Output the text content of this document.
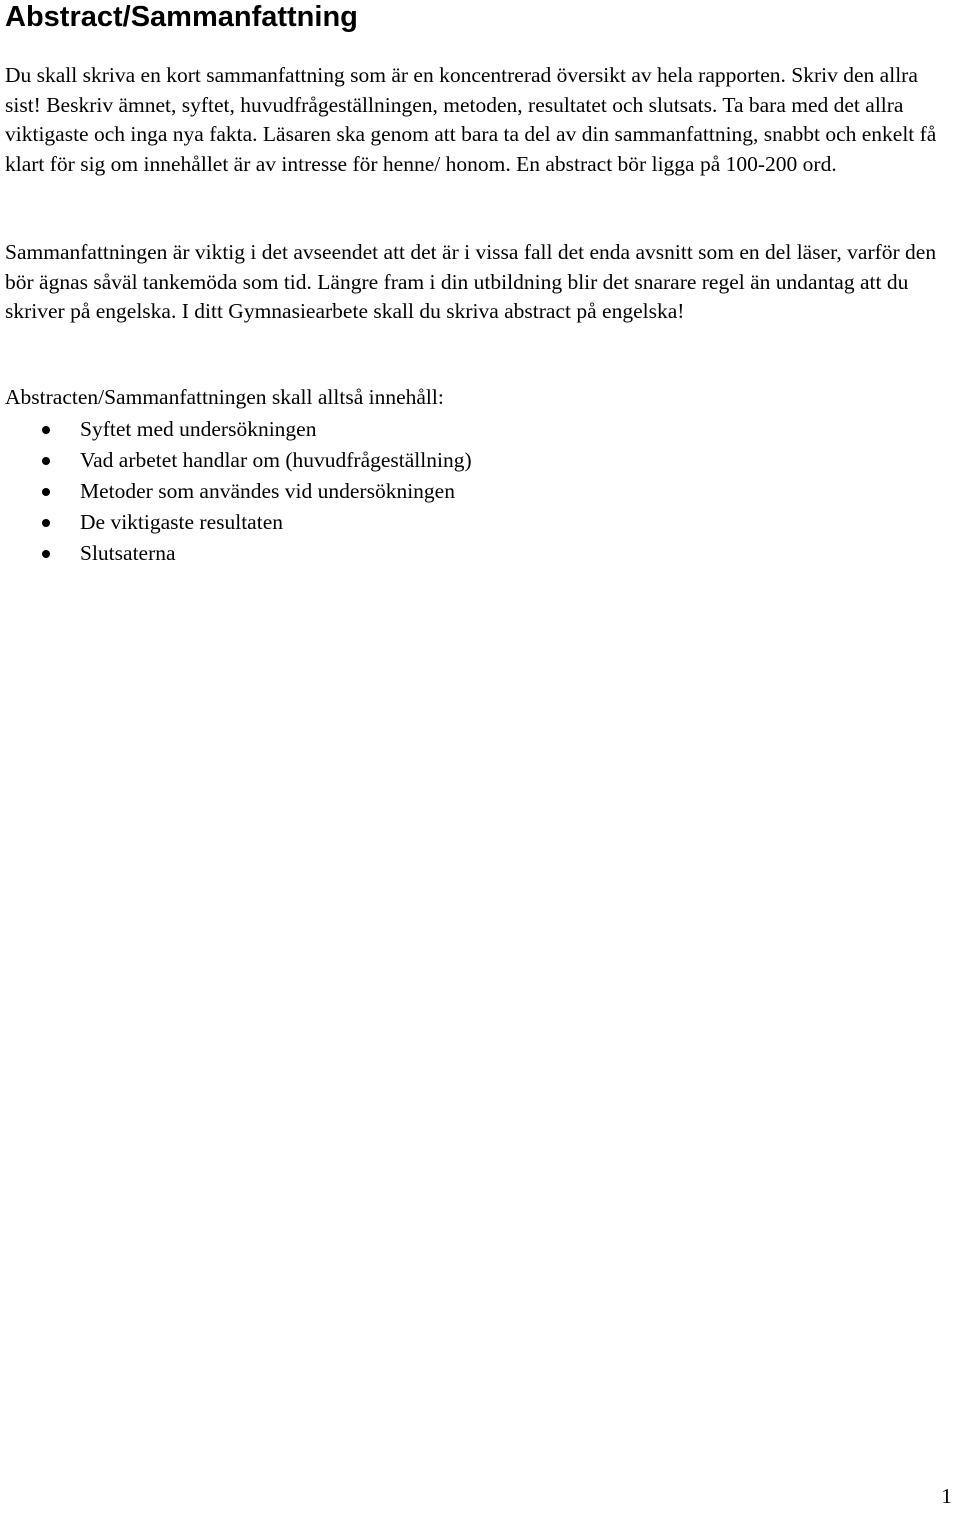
Abstract/Sammanfattning

Du skall skriva en kort sammanfattning som är en koncentrerad översikt av hela rapporten. Skriv den allra sist! Beskriv ämnet, syftet, huvudfrågeställningen, metoden, resultatet och slutsats. Ta bara med det allra viktigaste och inga nya fakta. Läsaren ska genom att bara ta del av din sammanfattning, snabbt och enkelt få klart för sig om innehållet är av intresse för henne/ honom. En abstract bör ligga på 100-200 ord.

Sammanfattningen är viktig i det avseendet att det är i vissa fall det enda avsnitt som en del läser, varför den bör ägnas såväl tankemöda som tid. Längre fram i din utbildning blir det snarare regel än undantag att du skriver på engelska. I ditt Gymnasiearbete skall du skriva abstract på engelska!

Abstracten/Sammanfattningen skall alltså innehåll:

Syftet med undersökningen
Vad arbetet handlar om (huvudfrågeställning)
Metoder som användes vid undersökningen
De viktigaste resultaten
Slutsaterna
1
